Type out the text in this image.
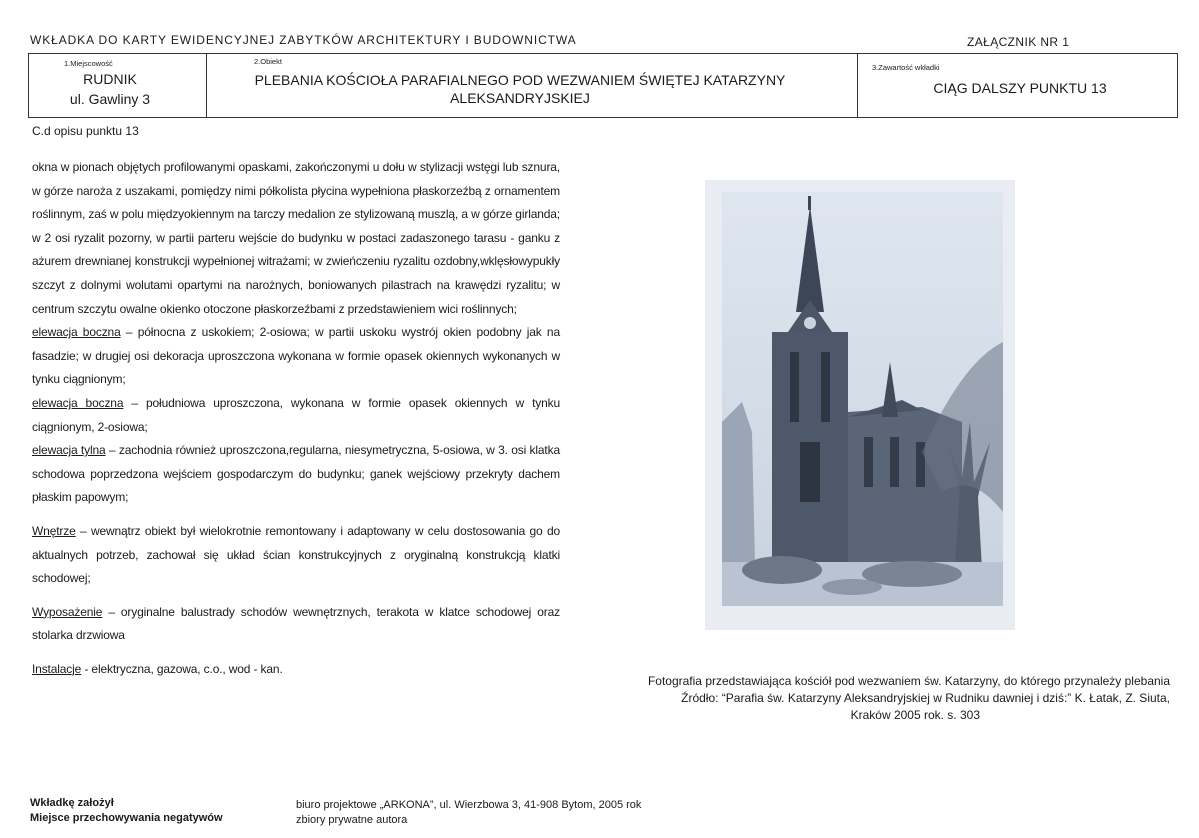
WKŁADKA DO KARTY EWIDENCYJNEJ ZABYTKÓW ARCHITEKTURY I BUDOWNICTWA	ZAŁĄCZNIK NR 1
1.Miejscowość
RUDNIK
ul. Gawliny 3
2.Obiekt
PLEBANIA KOŚCIOŁA PARAFIALNEGO POD WEZWANIEM ŚWIĘTEJ KATARZYNY
ALEKSANDRYJSKIEJ
3.Zawartość wkładki
CIĄG DALSZY PUNKTU 13
C.d opisu punktu 13

okna w pionach objętych profilowanymi opaskami, zakończonymi u dołu w stylizacji wstęgi lub sznura, w górze naroża z uszakami, pomiędzy nimi półkolista płycina wypełniona płaskorzeźbą z ornamentem roślinnym, zaś w polu międzyokiennym na tarczy medalion ze stylizowaną muszlą, a w górze girlanda; w 2 osi ryzalit pozorny, w partii parteru wejście do budynku w postaci zadaszonego tarasu - ganku z ażurem drewnianej konstrukcji wypełnionej witrażami; w zwieńczeniu ryzalitu ozdobny,wklęsłowypukły szczyt z dolnymi wolutami opartymi na narożnych, boniowanych pilastrach na krawędzi ryzalitu; w centrum szczytu owalne okienko otoczone płaskorzeźbami z przedstawieniem wici roślinnych;

elewacja boczna – północna z uskokiem; 2-osiowa; w partii uskoku wystrój okien podobny jak na fasadzie; w drugiej osi dekoracja uproszczona wykonana w formie opasek okiennych wykonanych w tynku ciągnionym;

elewacja boczna – południowa uproszczona, wykonana w formie opasek okiennych w tynku ciągnionym, 2-osiowa;

elewacja tylna – zachodnia również uproszczona,regularna, niesymetryczna, 5-osiowa, w 3. osi klatka schodowa poprzedzona wejściem gospodarczym do budynku; ganek wejściowy przekryty dachem płaskim papowym;

Wnętrze – wewnątrz obiekt był wielokrotnie remontowany i adaptowany w celu dostosowania go do aktualnych potrzeb, zachował się układ ścian konstrukcyjnych z oryginalną konstrukcją klatki schodowej;

Wyposażenie – oryginalne balustrady schodów wewnętrznych, terakota w klatce schodowej oraz stolarka drzwiowa

Instalacje - elektryczna, gazowa, c.o., wod - kan.

Fotografia przedstawiająca kościół pod wezwaniem św. Katarzyny, do którego przynależy plebania
Źródło: “Parafia św. Katarzyny Aleksandryjskiej w Rudniku dawniej i dziś:” K. Łatak, Z. Siuta,

Kraków 2005 rok. s. 303
Wkładkę założył
Miejsce przechowywania negatywów
biuro projektowe „ARKONA”, ul. Wierzbowa 3, 41-908 Bytom, 2005 rok
zbiory prywatne autora
